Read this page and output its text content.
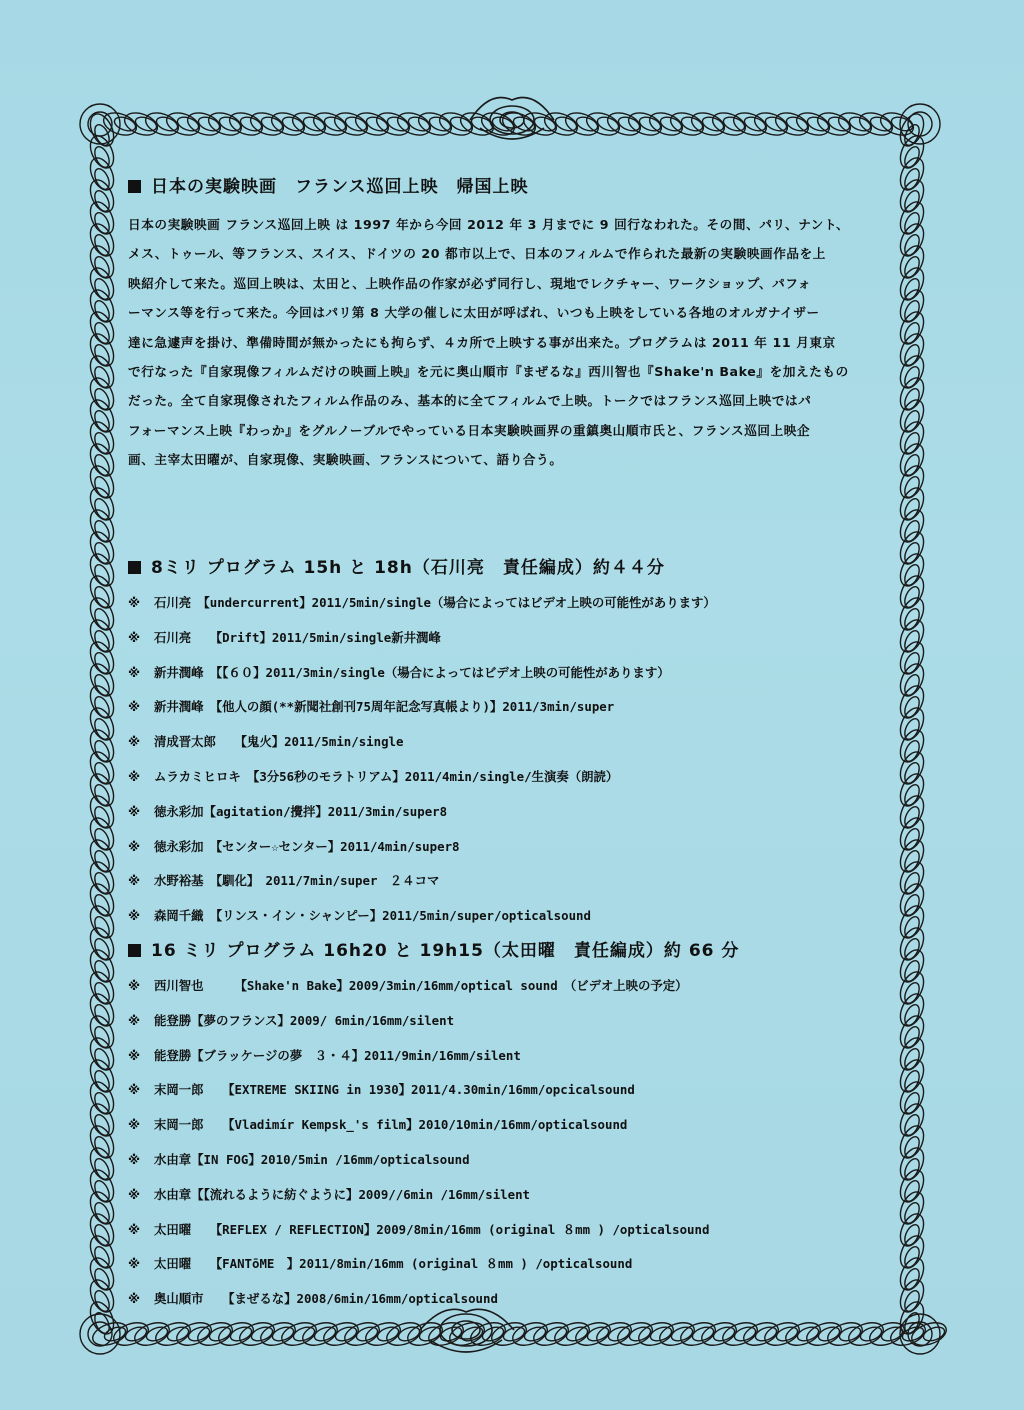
日本の実験映画　フランス巡回上映　帰国上映
日本の実験映画 フランス巡回上映 は 1997 年から今回 2012 年 3 月までに 9 回行なわれた。その間、パリ、ナント、
メス、トゥール、等フランス、スイス、ドイツの 20 都市以上で、日本のフィルムで作られた最新の実験映画作品を上
映紹介して来た。巡回上映は、太田と、上映作品の作家が必ず同行し、現地でレクチャー、ワークショップ、パフォ
ーマンス等を行って来た。今回はパリ第 8 大学の催しに太田が呼ばれ、いつも上映をしている各地のオルガナイザー
達に急遽声を掛け、準備時間が無かったにも拘らず、４カ所で上映する事が出来た。プログラムは 2011 年 11 月東京
で行なった『自家現像フィルムだけの映画上映』を元に奥山順市『まぜるな』西川智也『Shake'n Bake』を加えたもの
だった。全て自家現像されたフィルム作品のみ、基本的に全てフィルムで上映。トークではフランス巡回上映ではパ
フォーマンス上映『わっか』をグルノーブルでやっている日本実験映画界の重鎮奥山順市氏と、フランス巡回上映企
画、主宰太田曜が、自家現像、実験映画、フランスについて、語り合う。
8ミリ プログラム 15h と 18h（石川亮　責任編成）約４４分
※ 石川亮　【undercurrent】2011/5min/single（場合によってはビデオ上映の可能性があります）
※ 石川亮　　【Drift】2011/5min/single新井潤峰
※ 新井潤峰　【【６０】2011/3min/single（場合によってはビデオ上映の可能性があります）
※ 新井潤峰　【他人の顔(**新聞社創刊75周年記念写真帳より)】2011/3min/super
※ 清成晋太郎　　【鬼火】2011/5min/single
※ ムラカミヒロキ　【3分56秒のモラトリアム】2011/4min/single/生演奏（朗読）
※ 徳永彩加【agitation/攪拌】2011/3min/super8
※ 徳永彩加　【センター☆センター】2011/4min/super8
※ 水野裕基　【馴化】　2011/7min/super　２４コマ
※ 森岡千織　【リンス・イン・シャンピー】2011/5min/super/opticalsound
16 ミリ プログラム 16h20 と 19h15（太田曜　責任編成）約 66 分
※ 西川智也　　　【Shake'n Bake】2009/3min/16mm/optical sound　（ビデオ上映の予定）
※ 能登勝【夢のフランス】2009/ 6min/16mm/silent
※ 能登勝【ブラッケージの夢　３・４】2011/9min/16mm/silent
※ 末岡一郎　　【EXTREME SKIING in 1930】2011/4.30min/16mm/opcicalsound
※ 末岡一郎　　【Vladimír Kempsk_'s film】2010/10min/16mm/opticalsound
※ 水由章【IN FOG】2010/5min /16mm/opticalsound
※ 水由章【【流れるように紡ぐように】2009//6min /16mm/silent
※ 太田曜　　【REFLEX / REFLECTION】2009/8min/16mm (original ８mm ) /opticalsound
※ 太田曜　　【FANTōME　】2011/8min/16mm (original ８mm ) /opticalsound
※ 奥山順市　　【まぜるな】2008/6min/16mm/opticalsound
